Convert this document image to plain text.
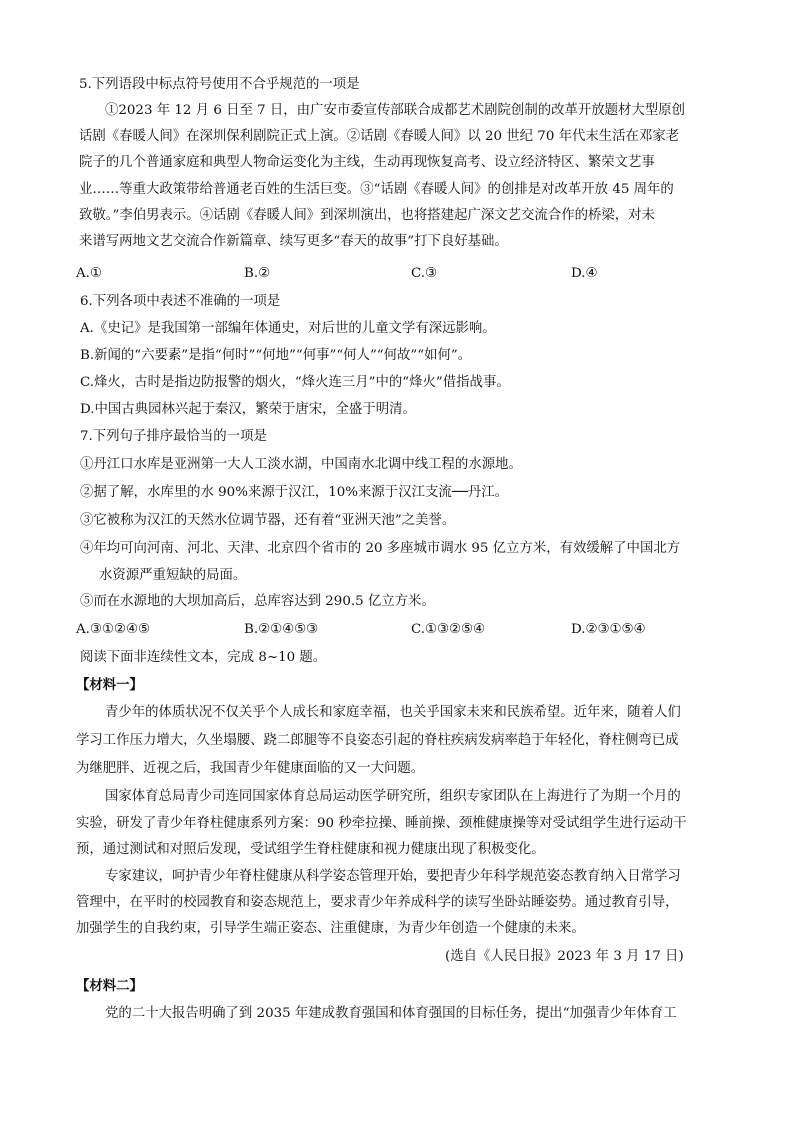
5.下列语段中标点符号使用不合乎规范的一项是
①2023 年 12 月 6 日至 7 日，由广安市委宣传部联合成都艺术剧院创制的改革开放题材大型原创
话剧《春暖人间》在深圳保利剧院正式上演。②话剧《春暖人间》以 20 世纪 70 年代末生活在邓家老
院子的几个普通家庭和典型人物命运变化为主线，生动再现恢复高考、设立经济特区、繁荣文艺事
业……等重大政策带给普通老百姓的生活巨变。③“话剧《春暖人间》的创排是对改革开放 45 周年的
致敬。”李伯男表示。④话剧《春暖人间》到深圳演出，也将搭建起广深文艺交流合作的桥梁，对未
来谱写两地文艺交流合作新篇章、续写更多“春天的故事”打下良好基础。
A.①	B.②	C.③	D.④
6.下列各项中表述不准确的一项是
A.《史记》是我国第一部编年体通史，对后世的儿童文学有深远影响。
B.新闻的“六要素”是指“何时”“何地”“何事”“何人”“何故”“如何”。
C.烽火，古时是指边防报警的烟火，“烽火连三月”中的“烽火”借指战事。
D.中国古典园林兴起于秦汉，繁荣于唐宋，全盛于明清。
7.下列句子排序最恰当的一项是
①丹江口水库是亚洲第一大人工淡水湖，中国南水北调中线工程的水源地。
②据了解，水库里的水 90%来源于汉江，10%来源于汉江支流──丹江。
③它被称为汉江的天然水位调节器，还有着“亚洲天池”之美誉。
④年均可向河南、河北、天津、北京四个省市的 20 多座城市调水 95 亿立方米，有效缓解了中国北方
水资源严重短缺的局面。
⑤而在水源地的大坝加高后，总库容达到 290.5 亿立方米。
A.③①②④⑤	B.②①④⑤③	C.①③②⑤④	D.②③①⑤④
阅读下面非连续性文本，完成 8~10 题。
【材料一】
青少年的体质状况不仅关乎个人成长和家庭幸福，也关乎国家未来和民族希望。近年来，随着人们
学习工作压力增大，久坐塌腰、跷二郎腿等不良姿态引起的脊柱疾病发病率趋于年轻化，脊柱侧弯已成
为继肥胖、近视之后，我国青少年健康面临的又一大问题。
国家体育总局青少司连同国家体育总局运动医学研究所，组织专家团队在上海进行了为期一个月的
实验，研发了青少年脊柱健康系列方案：90 秒牵拉操、睡前操、颈椎健康操等对受试组学生进行运动干
预，通过测试和对照后发现，受试组学生脊柱健康和视力健康出现了积极变化。
专家建议，呵护青少年脊柱健康从科学姿态管理开始，要把青少年科学规范姿态教育纳入日常学习
管理中，在平时的校园教育和姿态规范上，要求青少年养成科学的读写坐卧站睡姿势。通过教育引导，
加强学生的自我约束，引导学生端正姿态、注重健康，为青少年创造一个健康的未来。
(选自《人民日报》2023 年 3 月 17 日)
【材料二】
党的二十大报告明确了到 2035 年建成教育强国和体育强国的目标任务，提出“加强青少年体育工
